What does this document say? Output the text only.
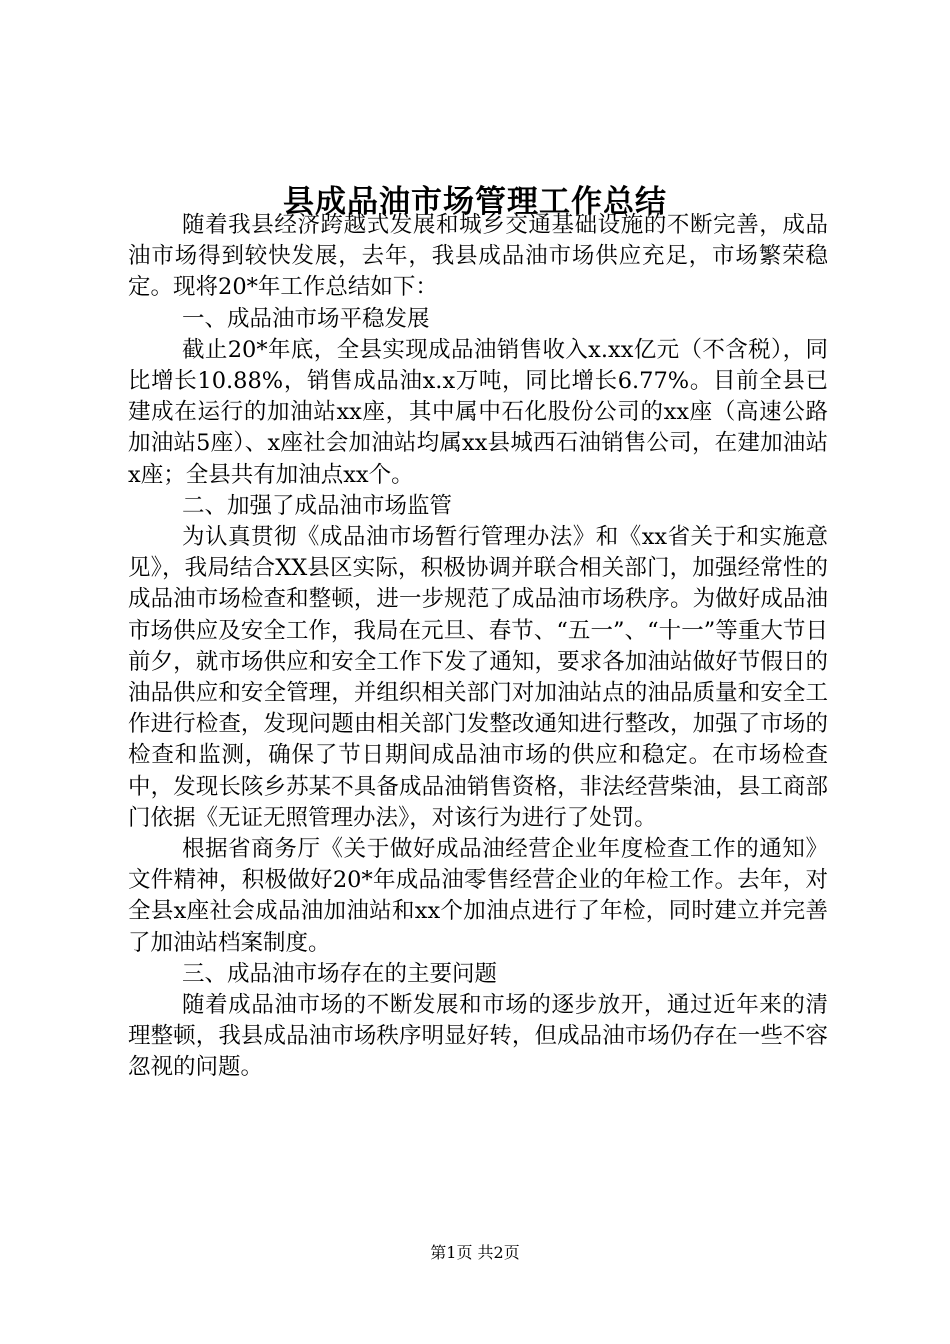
县成品油市场管理工作总结

随着我县经济跨越式发展和城乡交通基础设施的不断完善，成品油市场得到较快发展，去年，我县成品油市场供应充足，市场繁荣稳定。现将20*年工作总结如下：

一、成品油市场平稳发展

截止20*年底，全县实现成品油销售收入x.xx亿元（不含税），同比增长10.88%，销售成品油x.x万吨，同比增长6.77%。目前全县已建成在运行的加油站xx座，其中属中石化股份公司的xx座（高速公路加油站5座）、x座社会加油站均属xx县城西石油销售公司，在建加油站x座；全县共有加油点xx个。

二、加强了成品油市场监管

为认真贯彻《成品油市场暂行管理办法》和《xx省关于和实施意见》，我局结合XX县区实际，积极协调并联合相关部门，加强经常性的成品油市场检查和整顿，进一步规范了成品油市场秩序。为做好成品油市场供应及安全工作，我局在元旦、春节、“五一”、“十一”等重大节日前夕，就市场供应和安全工作下发了通知，要求各加油站做好节假日的油品供应和安全管理，并组织相关部门对加油站点的油品质量和安全工作进行检查，发现问题由相关部门发整改通知进行整改，加强了市场的检查和监测，确保了节日期间成品油市场的供应和稳定。在市场检查中，发现长陔乡苏某不具备成品油销售资格，非法经营柴油，县工商部门依据《无证无照管理办法》，对该行为进行了处罚。

根据省商务厅《关于做好成品油经营企业年度检查工作的通知》文件精神，积极做好20*年成品油零售经营企业的年检工作。去年，对全县x座社会成品油加油站和xx个加油点进行了年检，同时建立并完善了加油站档案制度。

三、成品油市场存在的主要问题

随着成品油市场的不断发展和市场的逐步放开，通过近年来的清理整顿，我县成品油市场秩序明显好转，但成品油市场仍存在一些不容忽视的问题。

第1页 共2页
